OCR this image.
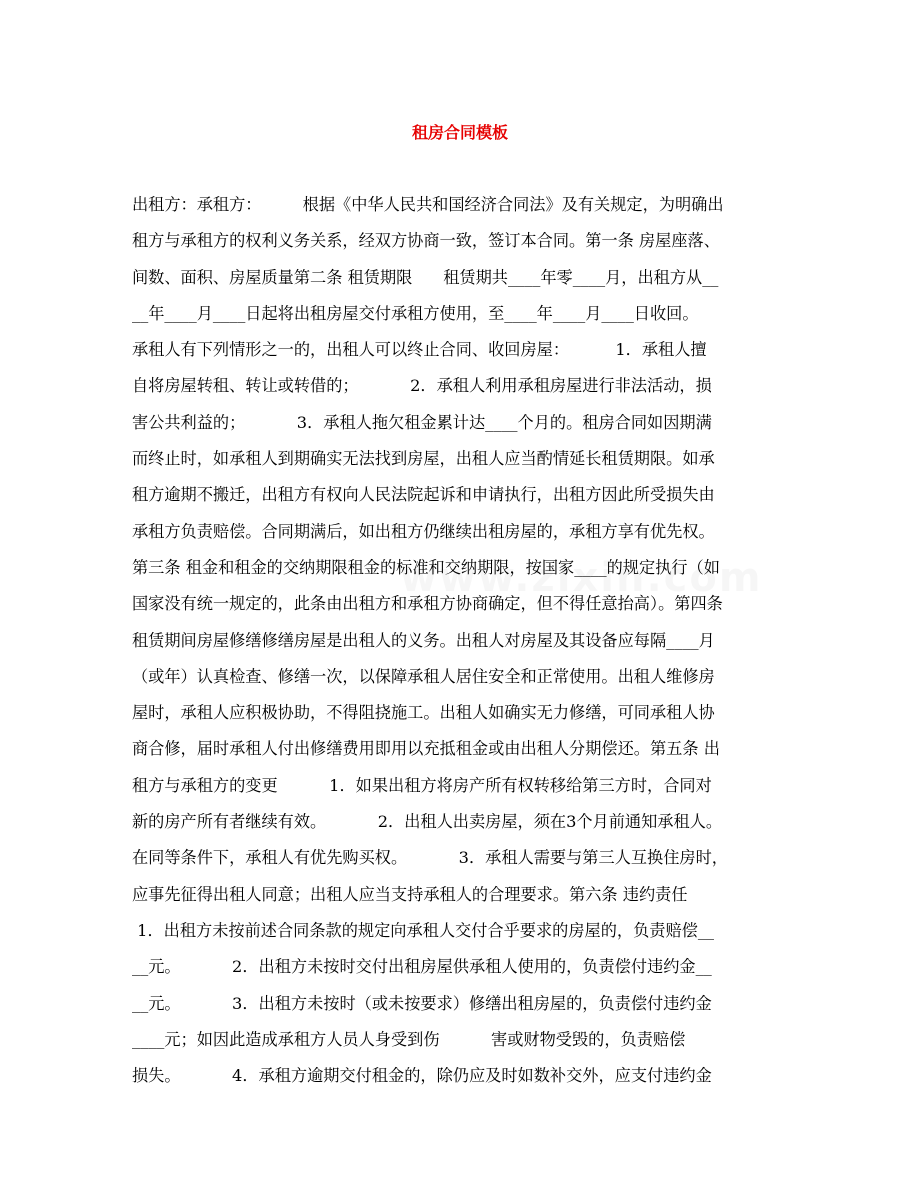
租房合同模板
出租方：承租方：        根据《中华人民共和国经济合同法》及有关规定，为明确出
租方与承租方的权利义务关系，经双方协商一致，签订本合同。第一条 房屋座落、
间数、面积、房屋质量第二条 租赁期限      租赁期共____年零____月，出租方从__
__年____月____日起将出租房屋交付承租方使用，至____年____月____日收回。
承租人有下列情形之一的，出租人可以终止合同、收回房屋：         1．承租人擅
自将房屋转租、转让或转借的；          2．承租人利用承租房屋进行非法活动，损
害公共利益的；          3．承租人拖欠租金累计达____个月的。租房合同如因期满
而终止时，如承租人到期确实无法找到房屋，出租人应当酌情延长租赁期限。如承
租方逾期不搬迁，出租方有权向人民法院起诉和申请执行，出租方因此所受损失由
承租方负责赔偿。合同期满后，如出租方仍继续出租房屋的，承租方享有优先权。
第三条 租金和租金的交纳期限租金的标准和交纳期限，按国家____的规定执行（如
国家没有统一规定的，此条由出租方和承租方协商确定，但不得任意抬高）。第四条
租赁期间房屋修缮修缮房屋是出租人的义务。出租人对房屋及其设备应每隔____月
（或年）认真检查、修缮一次，以保障承租人居住安全和正常使用。出租人维修房
屋时，承租人应积极协助，不得阻挠施工。出租人如确实无力修缮，可同承租人协
商合修，届时承租人付出修缮费用即用以充抵租金或由出租人分期偿还。第五条 出
租方与承租方的变更          1．如果出租方将房产所有权转移给第三方时，合同对
新的房产所有者继续有效。          2．出租人出卖房屋，须在3个月前通知承租人。
在同等条件下，承租人有优先购买权。          3．承租人需要与第三人互换住房时，
应事先征得出租人同意；出租人应当支持承租人的合理要求。第六条 违约责任
1．出租方未按前述合同条款的规定向承租人交付合乎要求的房屋的，负责赔偿__
__元。          2．出租方未按时交付出租房屋供承租人使用的，负责偿付违约金__
__元。          3．出租方未按时（或未按要求）修缮出租房屋的，负责偿付违约金
____元；如因此造成承租方人员人身受到伤          害或财物受毁的，负责赔偿
损失。          4．承租方逾期交付租金的，除仍应及时如数补交外，应支付违约金
